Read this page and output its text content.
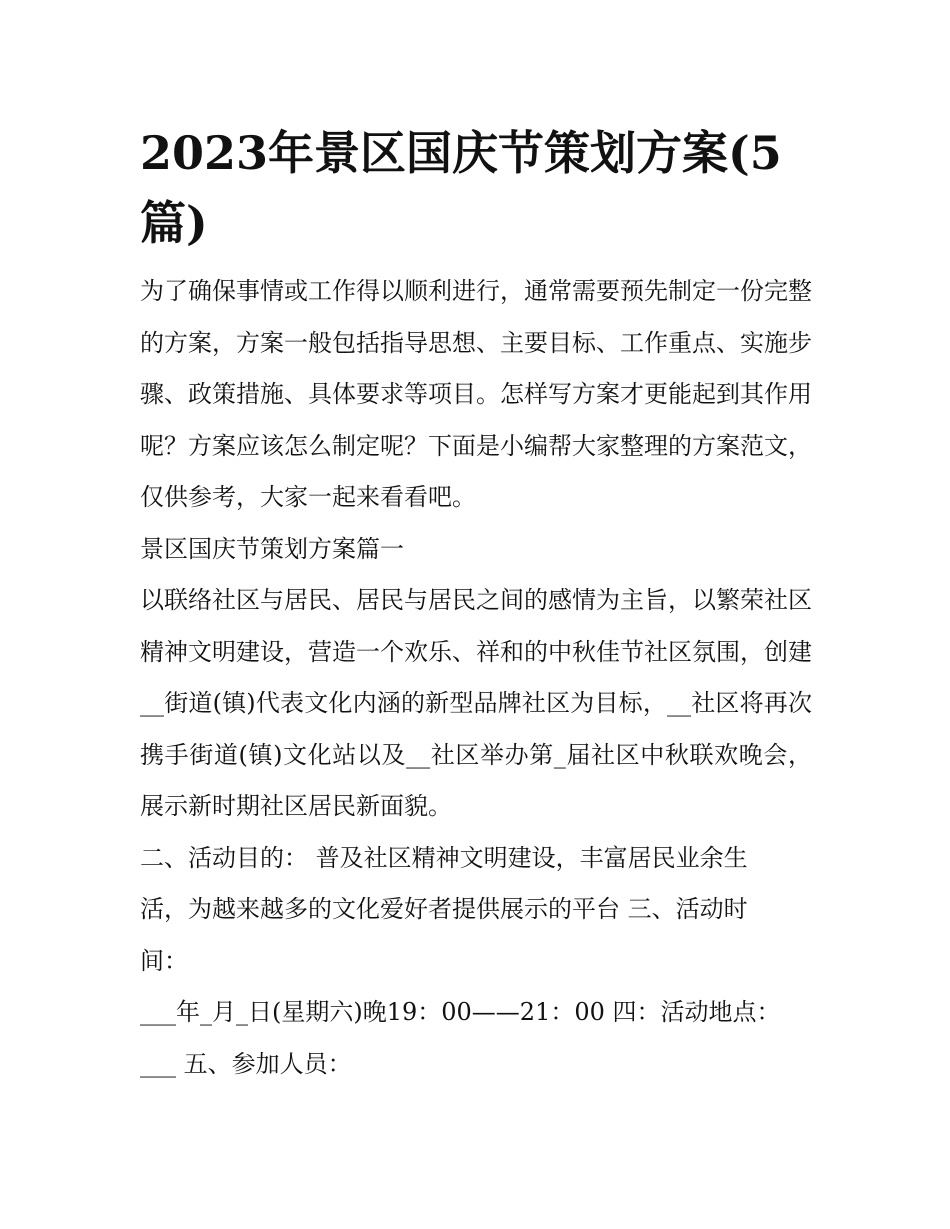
2023年景区国庆节策划方案(5篇)

为了确保事情或工作得以顺利进行，通常需要预先制定一份完整的方案，方案一般包括指导思想、主要目标、工作重点、实施步骤、政策措施、具体要求等项目。怎样写方案才更能起到其作用呢？方案应该怎么制定呢？下面是小编帮大家整理的方案范文，仅供参考，大家一起来看看吧。

景区国庆节策划方案篇一

以联络社区与居民、居民与居民之间的感情为主旨，以繁荣社区精神文明建设，营造一个欢乐、祥和的中秋佳节社区氛围，创建__街道(镇)代表文化内涵的新型品牌社区为目标，__社区将再次携手街道(镇)文化站以及__社区举办第_届社区中秋联欢晚会，展示新时期社区居民新面貌。

二、活动目的： 普及社区精神文明建设，丰富居民业余生活，为越来越多的文化爱好者提供展示的平台 三、活动时间：

___年_月_日(星期六)晚19：00——21：00 四：活动地点： ___ 五、参加人员：
